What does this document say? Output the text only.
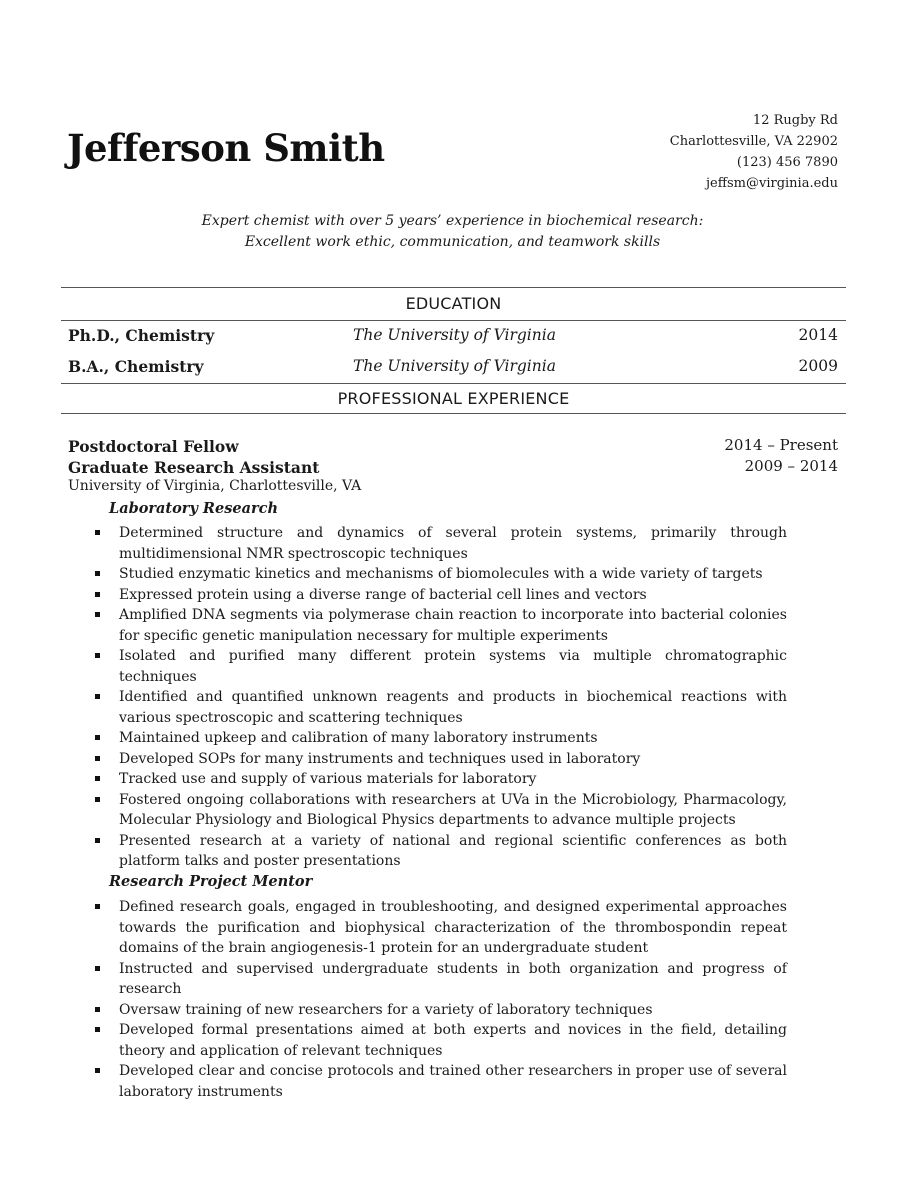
Jefferson Smith
12 Rugby Rd
Charlottesville, VA 22902
(123) 456 7890
jeffsm@virginia.edu
Expert chemist with over 5 years’ experience in biochemical research:
Excellent work ethic, communication, and teamwork skills
EDUCATION
Ph.D., Chemistry	The University of Virginia	2014
B.A., Chemistry	The University of Virginia	2009
PROFESSIONAL EXPERIENCE
Postdoctoral Fellow	2014 – Present
Graduate Research Assistant	2009 – 2014
University of Virginia, Charlottesville, VA
Laboratory Research
Determined structure and dynamics of several protein systems, primarily through multidimensional NMR spectroscopic techniques
Studied enzymatic kinetics and mechanisms of biomolecules with a wide variety of targets
Expressed protein using a diverse range of bacterial cell lines and vectors
Amplified DNA segments via polymerase chain reaction to incorporate into bacterial colonies for specific genetic manipulation necessary for multiple experiments
Isolated and purified many different protein systems via multiple chromatographic techniques
Identified and quantified unknown reagents and products in biochemical reactions with various spectroscopic and scattering techniques
Maintained upkeep and calibration of many laboratory instruments
Developed SOPs for many instruments and techniques used in laboratory
Tracked use and supply of various materials for laboratory
Fostered ongoing collaborations with researchers at UVa in the Microbiology, Pharmacology, Molecular Physiology and Biological Physics departments to advance multiple projects
Presented research at a variety of national and regional scientific conferences as both platform talks and poster presentations
Research Project Mentor
Defined research goals, engaged in troubleshooting, and designed experimental approaches towards the purification and biophysical characterization of the thrombospondin repeat domains of the brain angiogenesis-1 protein for an undergraduate student
Instructed and supervised undergraduate students in both organization and progress of research
Oversaw training of new researchers for a variety of laboratory techniques
Developed formal presentations aimed at both experts and novices in the field, detailing theory and application of relevant techniques
Developed clear and concise protocols and trained other researchers in proper use of several laboratory instruments
